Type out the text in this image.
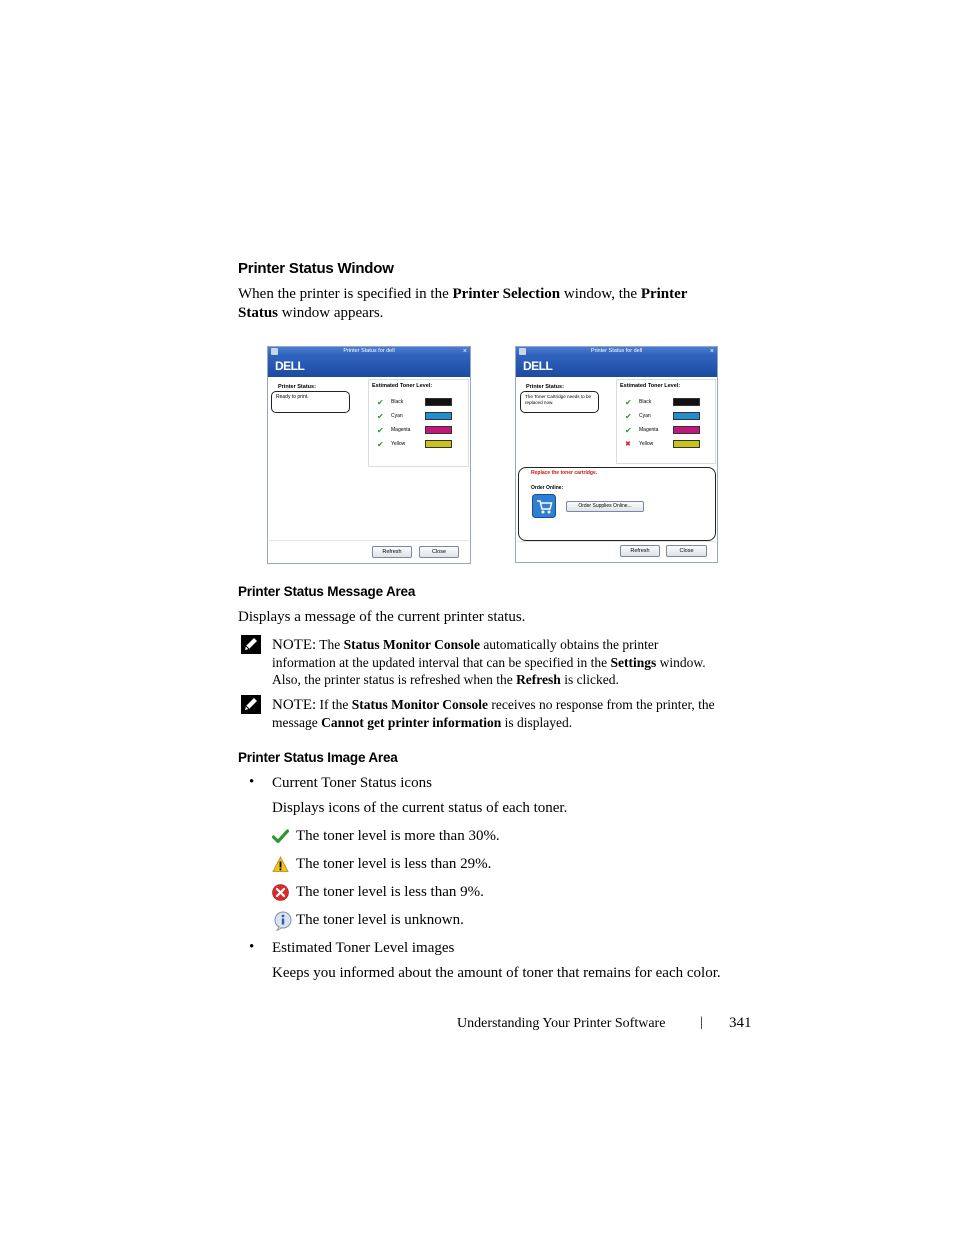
Printer Status Window
When the printer is specified in the Printer Selection window, the Printer
Status window appears.
Printer Status for dell	×
DELL
Printer Status:
Ready to print.
Estimated Toner Level:
✔ Black
✔ Cyan
✔ Magenta
✔ Yellow
Refresh	Close
Printer Status for dell	×
DELL
Printer Status:
The Toner Cartridge needs to be replaced now.
Estimated Toner Level:
✔ Black
✔ Cyan
✔ Magenta
✖ Yellow
Replace the toner cartridge.
Order Online:
Order Supplies Online...
Refresh	Close
Printer Status Message Area
Displays a message of the current printer status.
NOTE: The Status Monitor Console automatically obtains the printer
information at the updated interval that can be specified in the Settings window.
Also, the printer status is refreshed when the Refresh is clicked.
NOTE: If the Status Monitor Console receives no response from the printer, the
message Cannot get printer information is displayed.
Printer Status Image Area
• Current Toner Status icons
Displays icons of the current status of each toner.
The toner level is more than 30%.
The toner level is less than 29%.
The toner level is less than 9%.
The toner level is unknown.
• Estimated Toner Level images
Keeps you informed about the amount of toner that remains for each color.
Understanding Your Printer Software | 341
